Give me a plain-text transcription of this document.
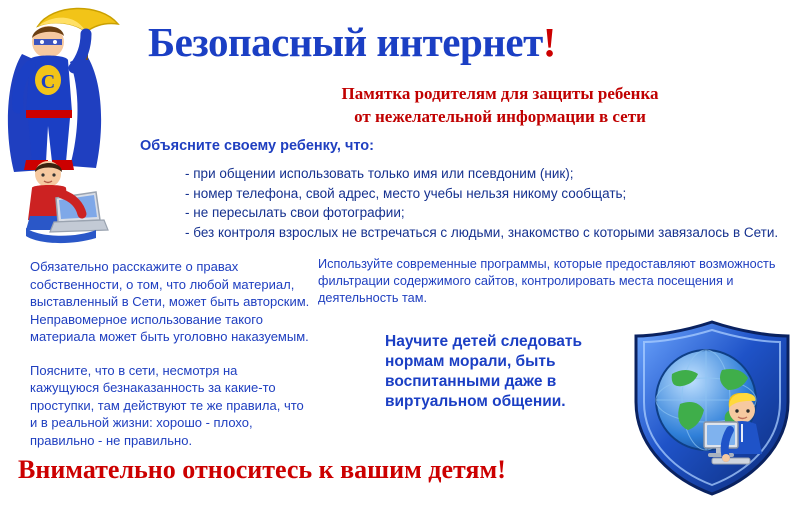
C
Безопасный интернет!
Памятка родителям для защиты ребенка
от нежелательной информации в сети
Объясните своему ребенку, что:
- при общении использовать только имя или псевдоним (ник);
- номер телефона, свой адрес, место учебы нельзя никому сообщать;
- не пересылать свои фотографии;
- без контроля взрослых не встречаться с людьми, знакомство с которыми завязалось в Сети.

Обязательно расскажите о правах собственности, о том, что любой материал, выставленный в Сети, может быть авторским. Неправомерное использование такого материала может быть уголовно наказуемым.

Поясните, что в сети, несмотря на кажущуюся безнаказанность за какие-то проступки, там действуют те же правила, что и в реальной жизни: хорошо - плохо, правильно - не правильно.

Используйте современные программы, которые предоставляют возможность фильтрации содержимого сайтов, контролировать места посещения и деятельность там.
Научите детей следовать нормам морали, быть воспитанными даже в виртуальном общении.
Внимательно относитесь к вашим детям!
